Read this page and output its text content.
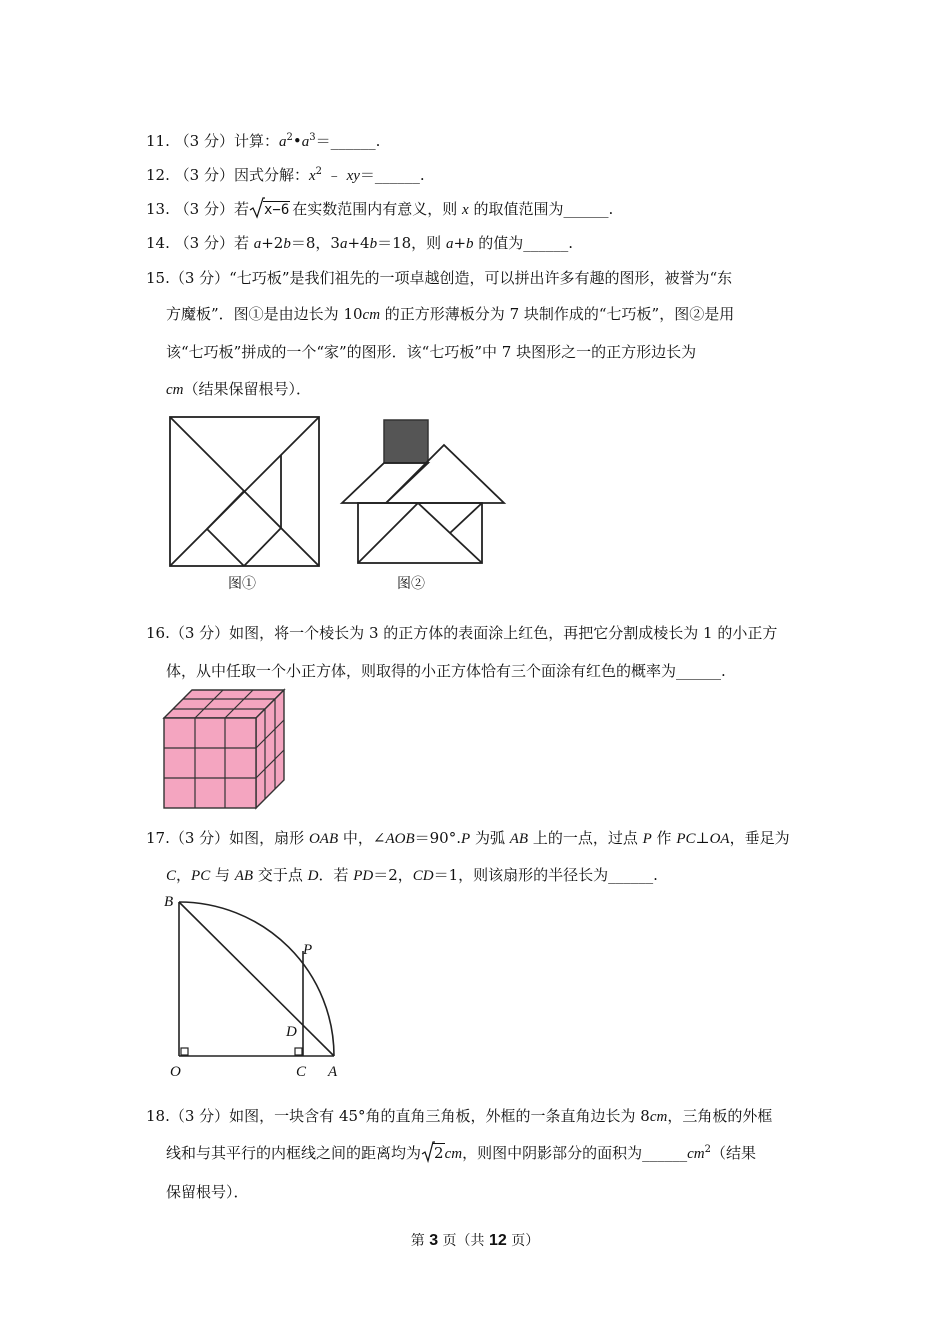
11. （3 分）计算：$a^2•a^3=\_\_\_\_\_\_$.
12. （3 分）因式分解：$x^2$ ﹣ xy＝______.
13. （3 分）若 x−6 在实数范围内有意义，则 x 的取值范围为______.
14. （3 分）若 a+2b＝8，3a+4b＝18，则 a+b 的值为______.
15.（3 分）“七巧板”是我们祖先的一项卓越创造，可以拼出许多有趣的图形，被誉为“东
方魔板”．图①是由边长为 10cm 的正方形薄板分为 7 块制作成的“七巧板”，图②是用
该“七巧板”拼成的一个“家”的图形．该“七巧板”中 7 块图形之一的正方形边长为
cm（结果保留根号）．
图①	图②
16.（3 分）如图，将一个棱长为 3 的正方体的表面涂上红色，再把它分割成棱长为 1 的小正方
体，从中任取一个小正方体，则取得的小正方体恰有三个面涂有红色的概率为______.
17.（3 分）如图，扇形 OAB 中，∠AOB＝90°.P 为弧 AB 上的一点，过点 P 作 PC⊥OA，垂足为
C，PC 与 AB 交于点 D．若 PD＝2，CD＝1，则该扇形的半径长为______.
B
P
D
O	C A
18.（3 分）如图，一块含有 45°角的直角三角板，外框的一条直角边长为 8cm，三角板的外框
线和与其平行的内框线之间的距离均为 2cm，则图中阴影部分的面积为$\_\_\_\_\_\_cm^2$（结果
保留根号）．
第 3 页（共 12 页）
